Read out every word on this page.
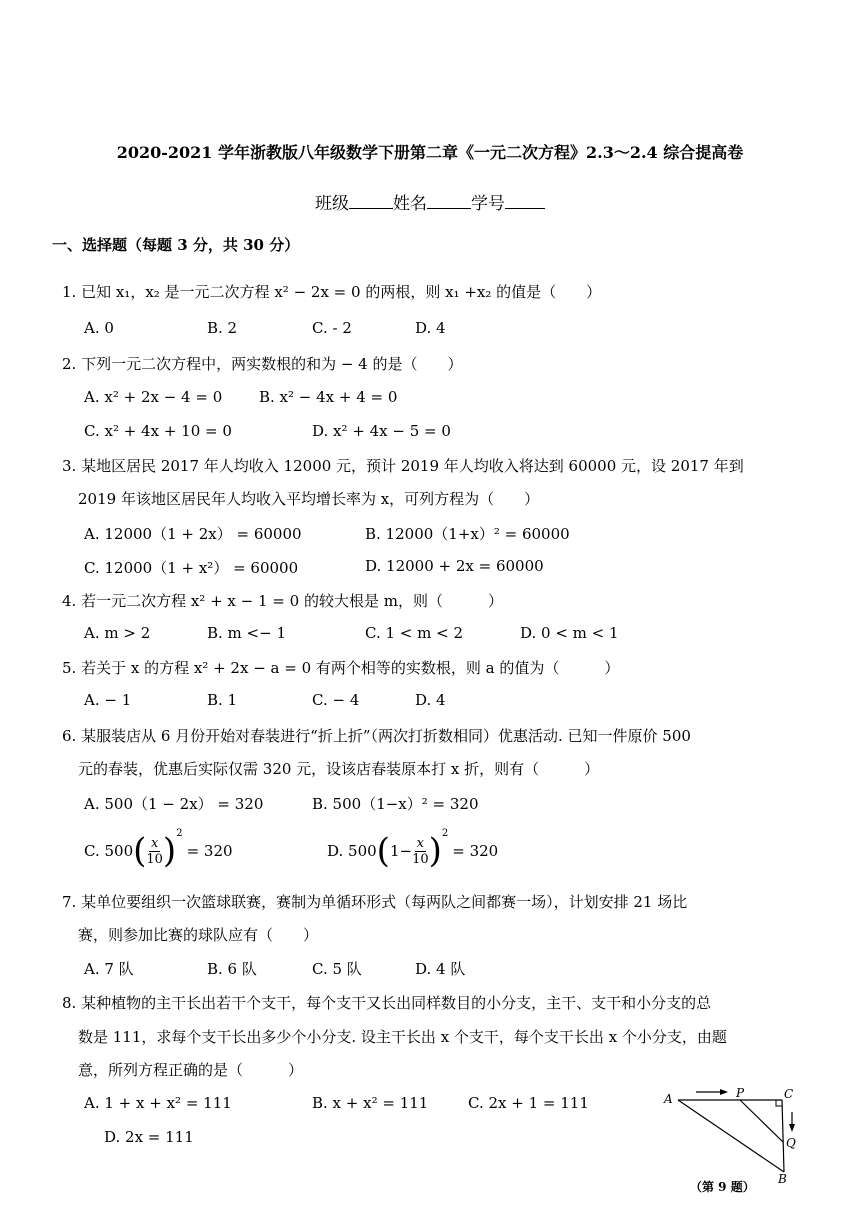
2020-2021 学年浙教版八年级数学下册第二章《一元二次方程》2.3～2.4 综合提高卷
班级	姓名	学号
一、选择题（每题 3 分，共 30 分）
1. 已知 x₁，x₂ 是一元二次方程 x² − 2x = 0 的两根，则 x₁ +x₂ 的值是（　　）
A. 0	B. 2	C. - 2	D. 4
2. 下列一元二次方程中，两实数根的和为 − 4 的是（　　）
A. x² + 2x − 4 = 0 B. x² − 4x + 4 = 0
C. x² + 4x + 10 = 0	D. x² + 4x − 5 = 0
3. 某地区居民 2017 年人均收入 12000 元，预计 2019 年人均收入将达到 60000 元，设 2017 年到
2019 年该地区居民年人均收入平均增长率为 x，可列方程为（　　）
A. 12000（1 + 2x） = 60000	B. 12000（1+x）² = 60000
C. 12000（1 + x²） = 60000	D. 12000 + 2x = 60000
4. 若一元二次方程 x² + x − 1 = 0 的较大根是 m，则（　　　）
A. m > 2	B. m <− 1	C. 1 < m < 2	D. 0 < m < 1
5. 若关于 x 的方程 x² + 2x − a = 0 有两个相等的实数根，则 a 的值为（　　　）
A. − 1	B. 1	C. − 4	D. 4
6. 某服装店从 6 月份开始对春装进行“折上折”（两次打折数相同）优惠活动. 已知一件原价 500
元的春装，优惠后实际仅需 320 元，设该店春装原本打 x 折，则有（　　　）
A. 500（1 − 2x） = 320	B. 500（1−x）² = 320
C. 500 ( $\frac{x}{10}$ ) 2
= 320	D. 500 ( $1- \frac{x}{10}$ ) 2
= 320
7. 某单位要组织一次篮球联赛，赛制为单循环形式（每两队之间都赛一场），计划安排 21 场比
赛，则参加比赛的球队应有（　　）
A. 7 队	B. 6 队	C. 5 队	D. 4 队
8. 某种植物的主干长出若干个支干，每个支干又长出同样数目的小分支，主干、支干和小分支的总
数是 111，求每个支干长出多少个小分支. 设主干长出 x 个支干，每个支干长出 x 个小分支，由题
意，所列方程正确的是（　　　）
A. 1 + x + x² = 111	B. x + x² = 111	C. 2x + 1 = 111
D. 2x = 111
A	P	C
Q
B
（第 9 题）
